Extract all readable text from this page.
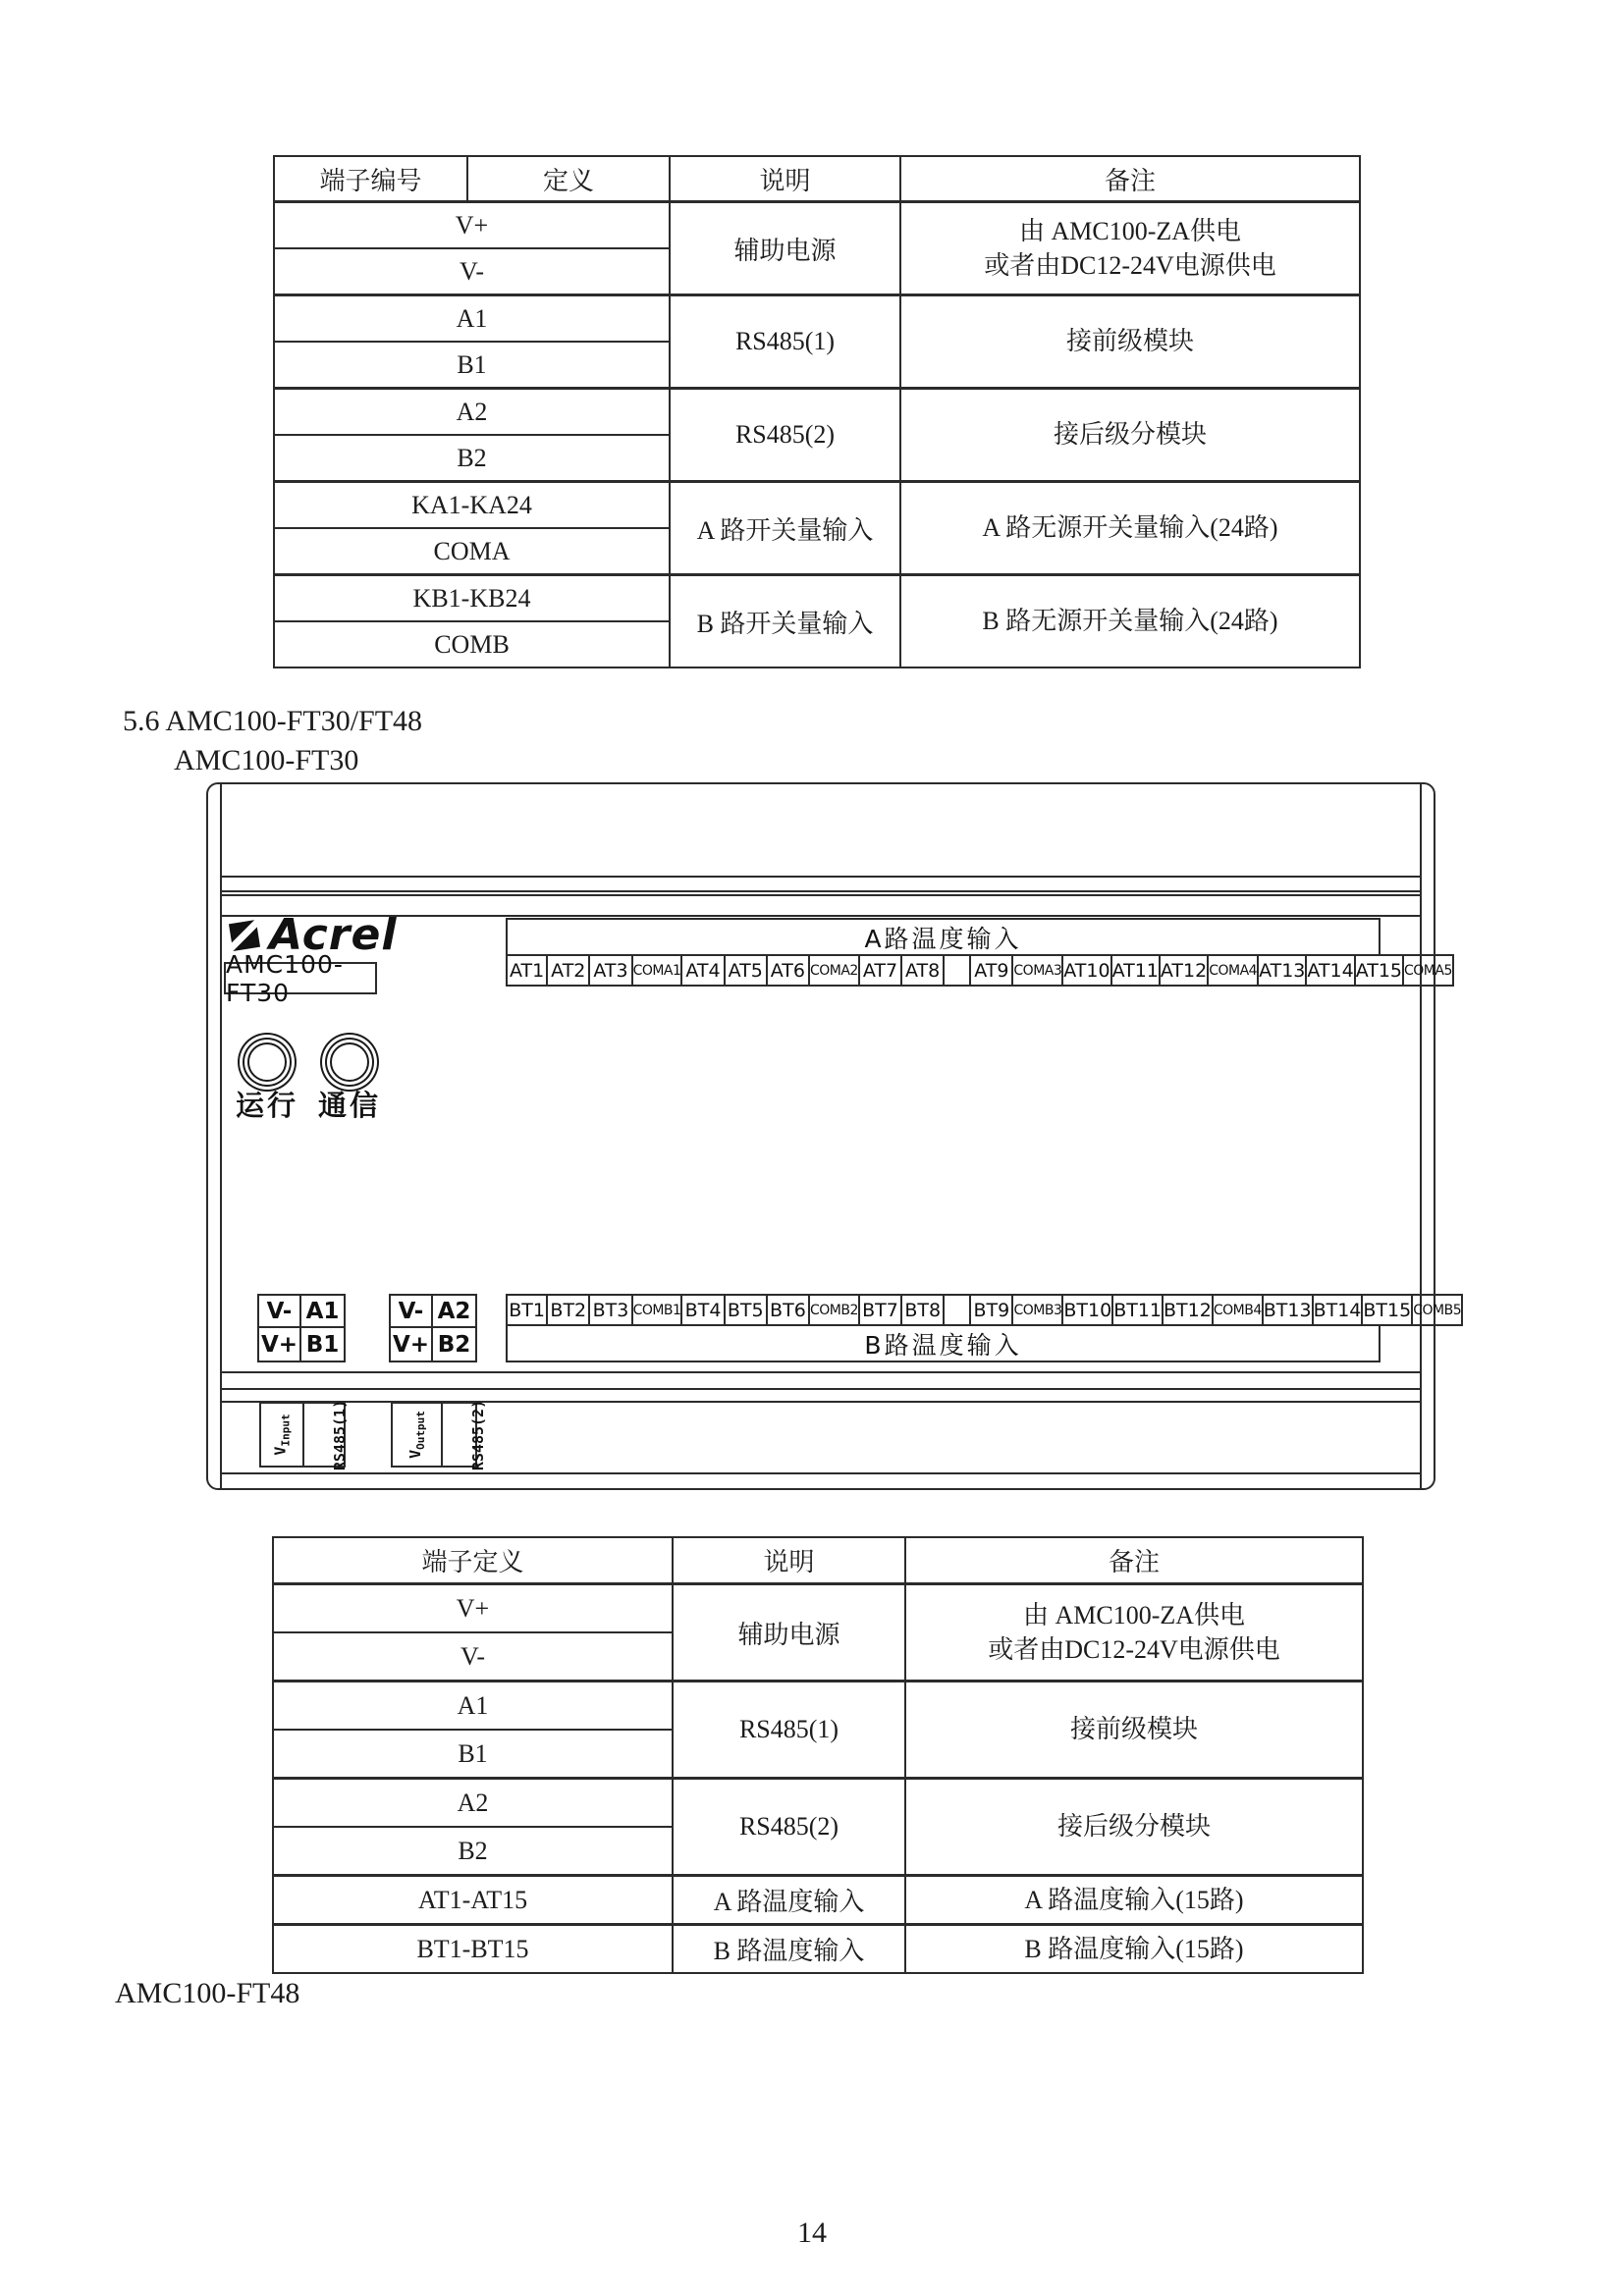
端子编号	定义	说明	备注
V+		辅助电源	由 AMC100-ZA供电
或者由DC12-24V电源供电

V-			
A1		RS485(1)	接前级模块

B1			
A2		RS485(2)	接后级分模块

B2			
KA1-KA24		A 路开关量输入	A 路无源开关量输入(24路)

COMA			
KB1-KB24		B 路开关量输入	B 路无源开关量输入(24路)

COMB			
5.6 AMC100-FT30/FT48
AMC100-FT30
Acrel
AMC100-FT30
运行 通信
A路温度输入
AT1 AT2 AT3 COMA1 AT4 AT5 AT6 COMA2 AT7 AT8 AT9 COMA3 AT10 AT11 AT12 COMA4 AT13 AT14 AT15 COMA5
BT1 BT2 BT3 COMB1 BT4 BT5 BT6 COMB2 BT7 BT8 BT9 COMB3 BT10 BT11 BT12 COMB4 BT13 BT14 BT15 COMB5
B路温度输入
V- A1
V+ B1
V- A2
V+ B2
$V_{Input}$	RS485(1)	$V_{Output}$	RS485(2)
端子定义	说明	备注
V+	辅助电源	由 AMC100-ZA供电
或者由DC12-24V电源供电

V-		
A1	RS485(1)	接前级模块

B1		
A2	RS485(2)	接后级分模块

B2		
AT1-AT15	A 路温度输入	A 路温度输入(15路)

BT1-BT15	B 路温度输入	B 路温度输入(15路)
AMC100-FT48
14
